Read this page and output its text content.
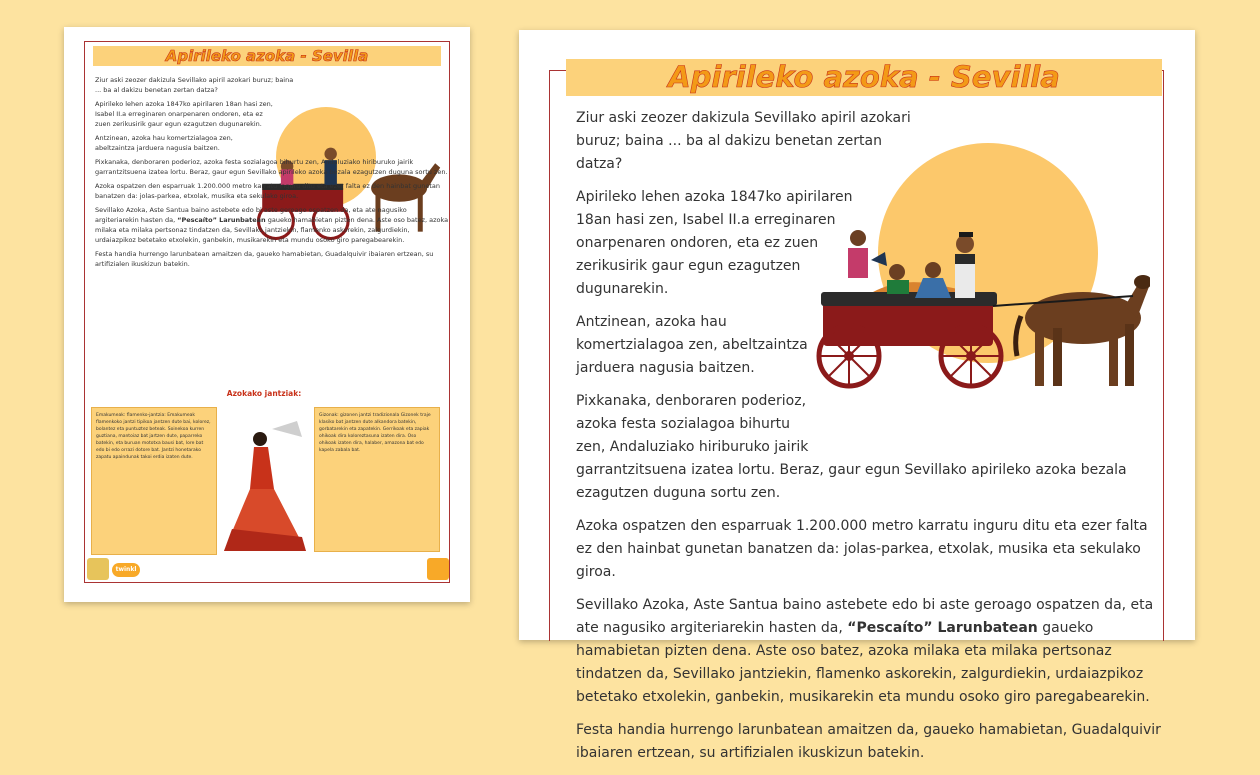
Apirileko azoka - Sevilla

Ziur aski zeozer dakizula Sevillako apiril azokari buruz; baina ... ba al dakizu benetan zertan datza?

Apirileko lehen azoka 1847ko apirilaren 18an hasi zen, Isabel II.a erreginaren onarpenaren ondoren, eta ez zuen zerikusirik gaur egun ezagutzen dugunarekin.

Antzinean, azoka hau komertzialagoa zen, abeltzaintza jarduera nagusia baitzen.

Pixkanaka, denboraren poderioz, azoka festa sozialagoa bihurtu zen, Andaluziako hiriburuko jairik garrantzitsuena izatea lortu. Beraz, gaur egun Sevillako apirileko azoka bezala ezagutzen duguna sortu zen.

Azoka ospatzen den esparruak 1.200.000 metro karratu inguru ditu eta ezer falta ez den hainbat gunetan banatzen da: jolas-parkea, etxolak, musika eta sekulako giroa.

Sevillako Azoka, Aste Santua baino astebete edo bi aste geroago ospatzen da, eta ate nagusiko argiteriarekin hasten da, “Pescaíto” Larunbatean gaueko hamabietan pizten dena. Aste oso batez, azoka milaka eta milaka pertsonaz tindatzen da, Sevillako jantziekin, flamenko askorekin, zalgurdiekin, urdaiazpikoz betetako etxolekin, ganbekin, musikarekin eta mundu osoko giro paregabearekin.

Festa handia hurrengo larunbatean amaitzen da, gaueko hamabietan, Guadalquivir ibaiaren ertzean, su artifizialen ikuskizun batekin.

Azokako jantziak:
Emakumeak: flamenko-jantzia: Emakumeak flamenkoko jantzi tipikoa jantzen dute bai, kolorez, bolantez eta puntuztez beteak. Soinekoa kurren guztiana, mantoiaz bat jartzen dute, paparreko batekin, eta buruan mototxa bausi bat, lore bat edo bi edo orrazi dotore bat. Jantzi honetarako zapatu apaindunak takoi erdia izaten dute.
Gizonak: gizonen jantzi tradizionala Gizonek traje klasiko bat jantzen dute alkandora batekin, gorbatarekin eta zapatekin. Gerrikoak eta zapiak ohikoak dira koloreztasuna izaten dira. Oso ohikoak izaten dira, halaber, amazona bat edo kapela zabala bat.
twinkl
Apirileko azoka - Sevilla

Ziur aski zeozer dakizula Sevillako apiril azokari buruz; baina ... ba al dakizu benetan zertan datza?

Apirileko lehen azoka 1847ko apirilaren 18an hasi zen, Isabel II.a erreginaren onarpenaren ondoren, eta ez zuen zerikusirik gaur egun ezagutzen dugunarekin.

Antzinean, azoka hau komertzialagoa zen, abeltzaintza jarduera nagusia baitzen.

Pixkanaka, denboraren poderioz, azoka festa sozialagoa bihurtu zen, Andaluziako hiriburuko jairik garrantzitsuena izatea lortu. Beraz, gaur egun Sevillako apirileko azoka bezala ezagutzen duguna sortu zen.

Azoka ospatzen den esparruak 1.200.000 metro karratu inguru ditu eta ezer falta ez den hainbat gunetan banatzen da: jolas-parkea, etxolak, musika eta sekulako giroa.

Sevillako Azoka, Aste Santua baino astebete edo bi aste geroago ospatzen da, eta ate nagusiko argiteriarekin hasten da, “Pescaíto” Larunbatean gaueko hamabietan pizten dena. Aste oso batez, azoka milaka eta milaka pertsonaz tindatzen da, Sevillako jantziekin, flamenko askorekin, zalgurdiekin, urdaiazpikoz betetako etxolekin, ganbekin, musikarekin eta mundu osoko giro paregabearekin.

Festa handia hurrengo larunbatean amaitzen da, gaueko hamabietan, Guadalquivir ibaiaren ertzean, su artifizialen ikuskizun batekin.
